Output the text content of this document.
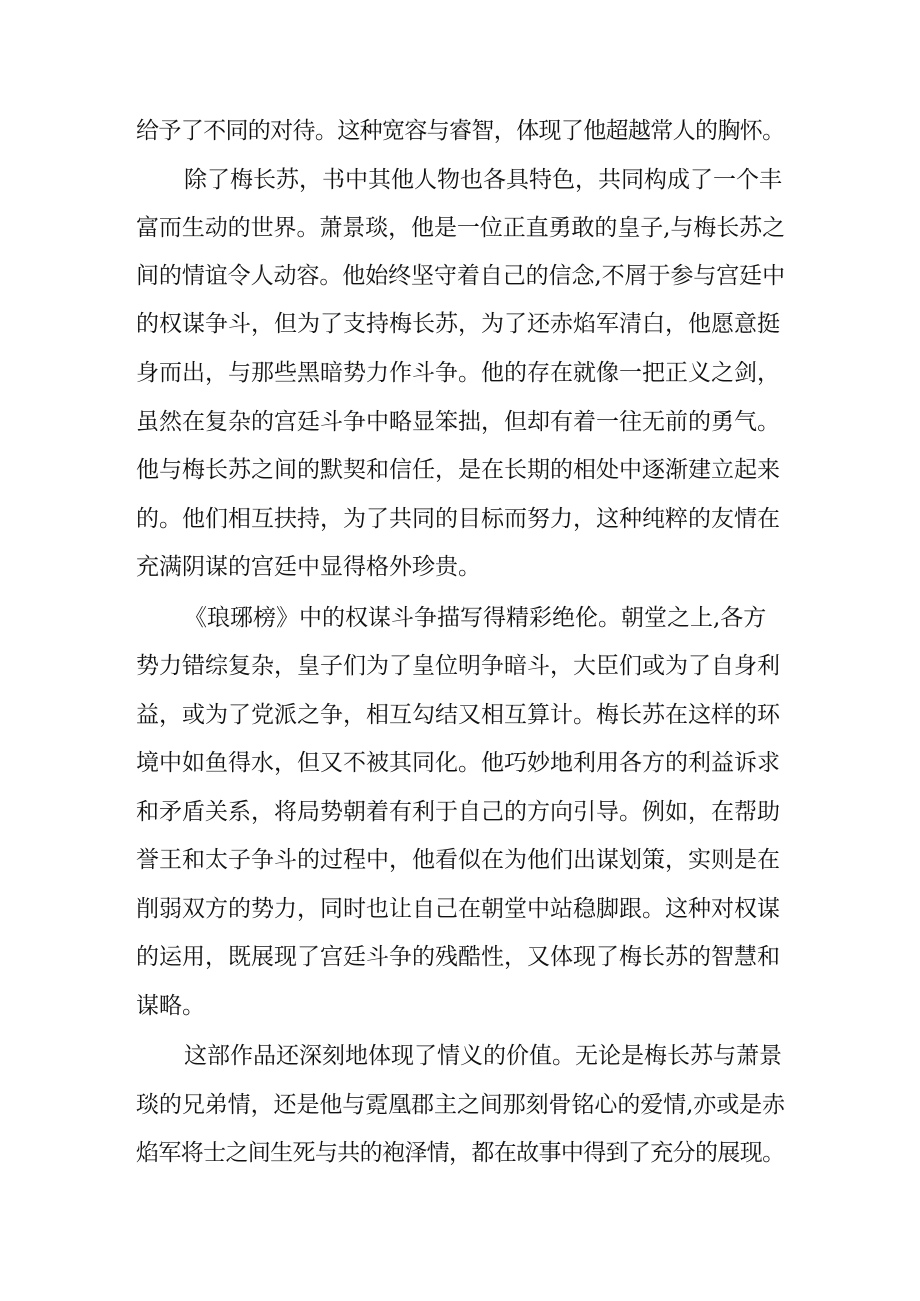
给予了不同的对待。这种宽容与睿智，体现了他超越常人的胸怀。
除了梅长苏，书中其他人物也各具特色，共同构成了一个丰
富而生动的世界。萧景琰，他是一位正直勇敢的皇子,与梅长苏之
间的情谊令人动容。他始终坚守着自己的信念,不屑于参与宫廷中
的权谋争斗，但为了支持梅长苏，为了还赤焰军清白，他愿意挺
身而出，与那些黑暗势力作斗争。他的存在就像一把正义之剑，
虽然在复杂的宫廷斗争中略显笨拙，但却有着一往无前的勇气。
他与梅长苏之间的默契和信任，是在长期的相处中逐渐建立起来
的。他们相互扶持，为了共同的目标而努力，这种纯粹的友情在
充满阴谋的宫廷中显得格外珍贵。
《琅琊榜》中的权谋斗争描写得精彩绝伦。朝堂之上,各方
势力错综复杂，皇子们为了皇位明争暗斗，大臣们或为了自身利
益，或为了党派之争，相互勾结又相互算计。梅长苏在这样的环
境中如鱼得水，但又不被其同化。他巧妙地利用各方的利益诉求
和矛盾关系，将局势朝着有利于自己的方向引导。例如，在帮助
誉王和太子争斗的过程中，他看似在为他们出谋划策，实则是在
削弱双方的势力，同时也让自己在朝堂中站稳脚跟。这种对权谋
的运用，既展现了宫廷斗争的残酷性，又体现了梅长苏的智慧和
谋略。
这部作品还深刻地体现了情义的价值。无论是梅长苏与萧景
琰的兄弟情，还是他与霓凰郡主之间那刻骨铭心的爱情,亦或是赤
焰军将士之间生死与共的袍泽情，都在故事中得到了充分的展现。
